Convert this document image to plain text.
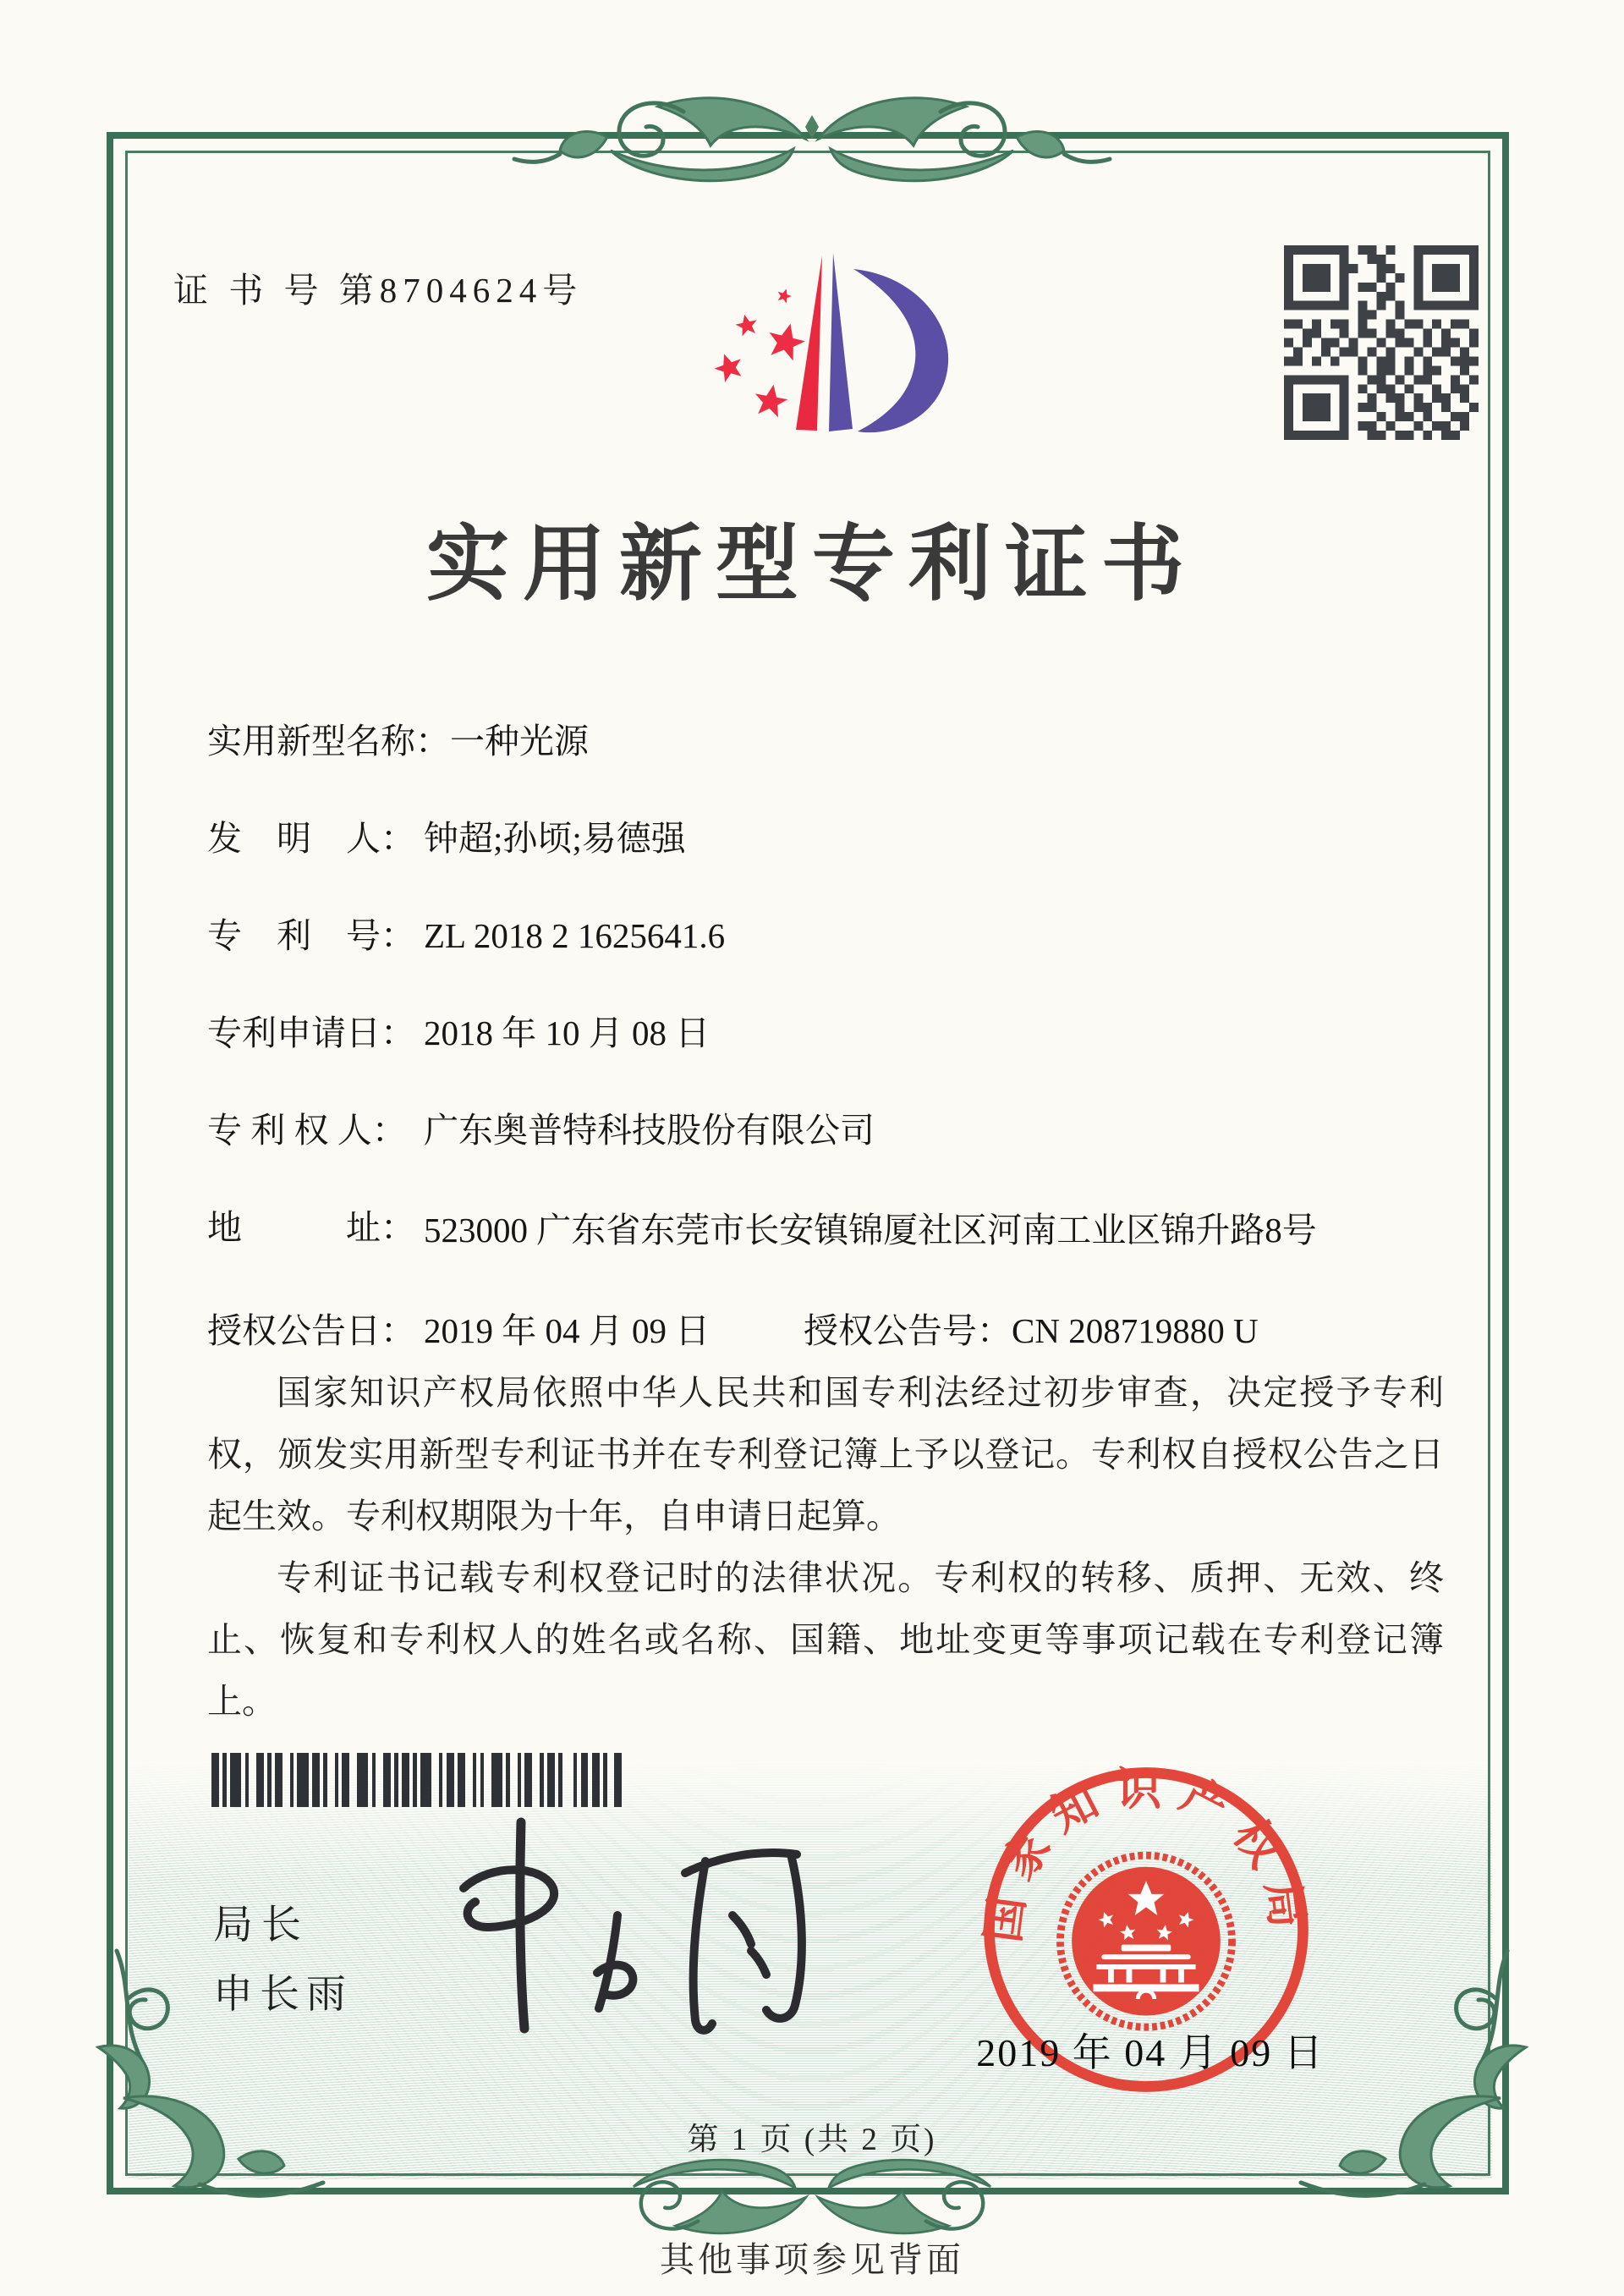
证 书 号 第8704624号
实用新型专利证书
实用新型名称：一种光源
发　明　人： 钟超;孙顷;易德强
专　利　号： ZL 2018 2 1625641.6
专利申请日： 2018 年 10 月 08 日
专 利 权 人： 广东奥普特科技股份有限公司
地　　　址： 523000 广东省东莞市长安镇锦厦社区河南工业区锦升路8号
授权公告日： 2019 年 04 月 09 日	授权公告号：CN 208719880 U

国家知识产权局依照中华人民共和国专利法经过初步审查，决定授予专利权，颁发实用新型专利证书并在专利登记簿上予以登记。专利权自授权公告之日起生效。专利权期限为十年，自申请日起算。

专利证书记载专利权登记时的法律状况。专利权的转移、质押、无效、终止、恢复和专利权人的姓名或名称、国籍、地址变更等事项记载在专利登记簿上。

局长
申长雨
国家知识产权局
2019 年 04 月 09 日
第 1 页 (共 2 页)
其他事项参见背面
